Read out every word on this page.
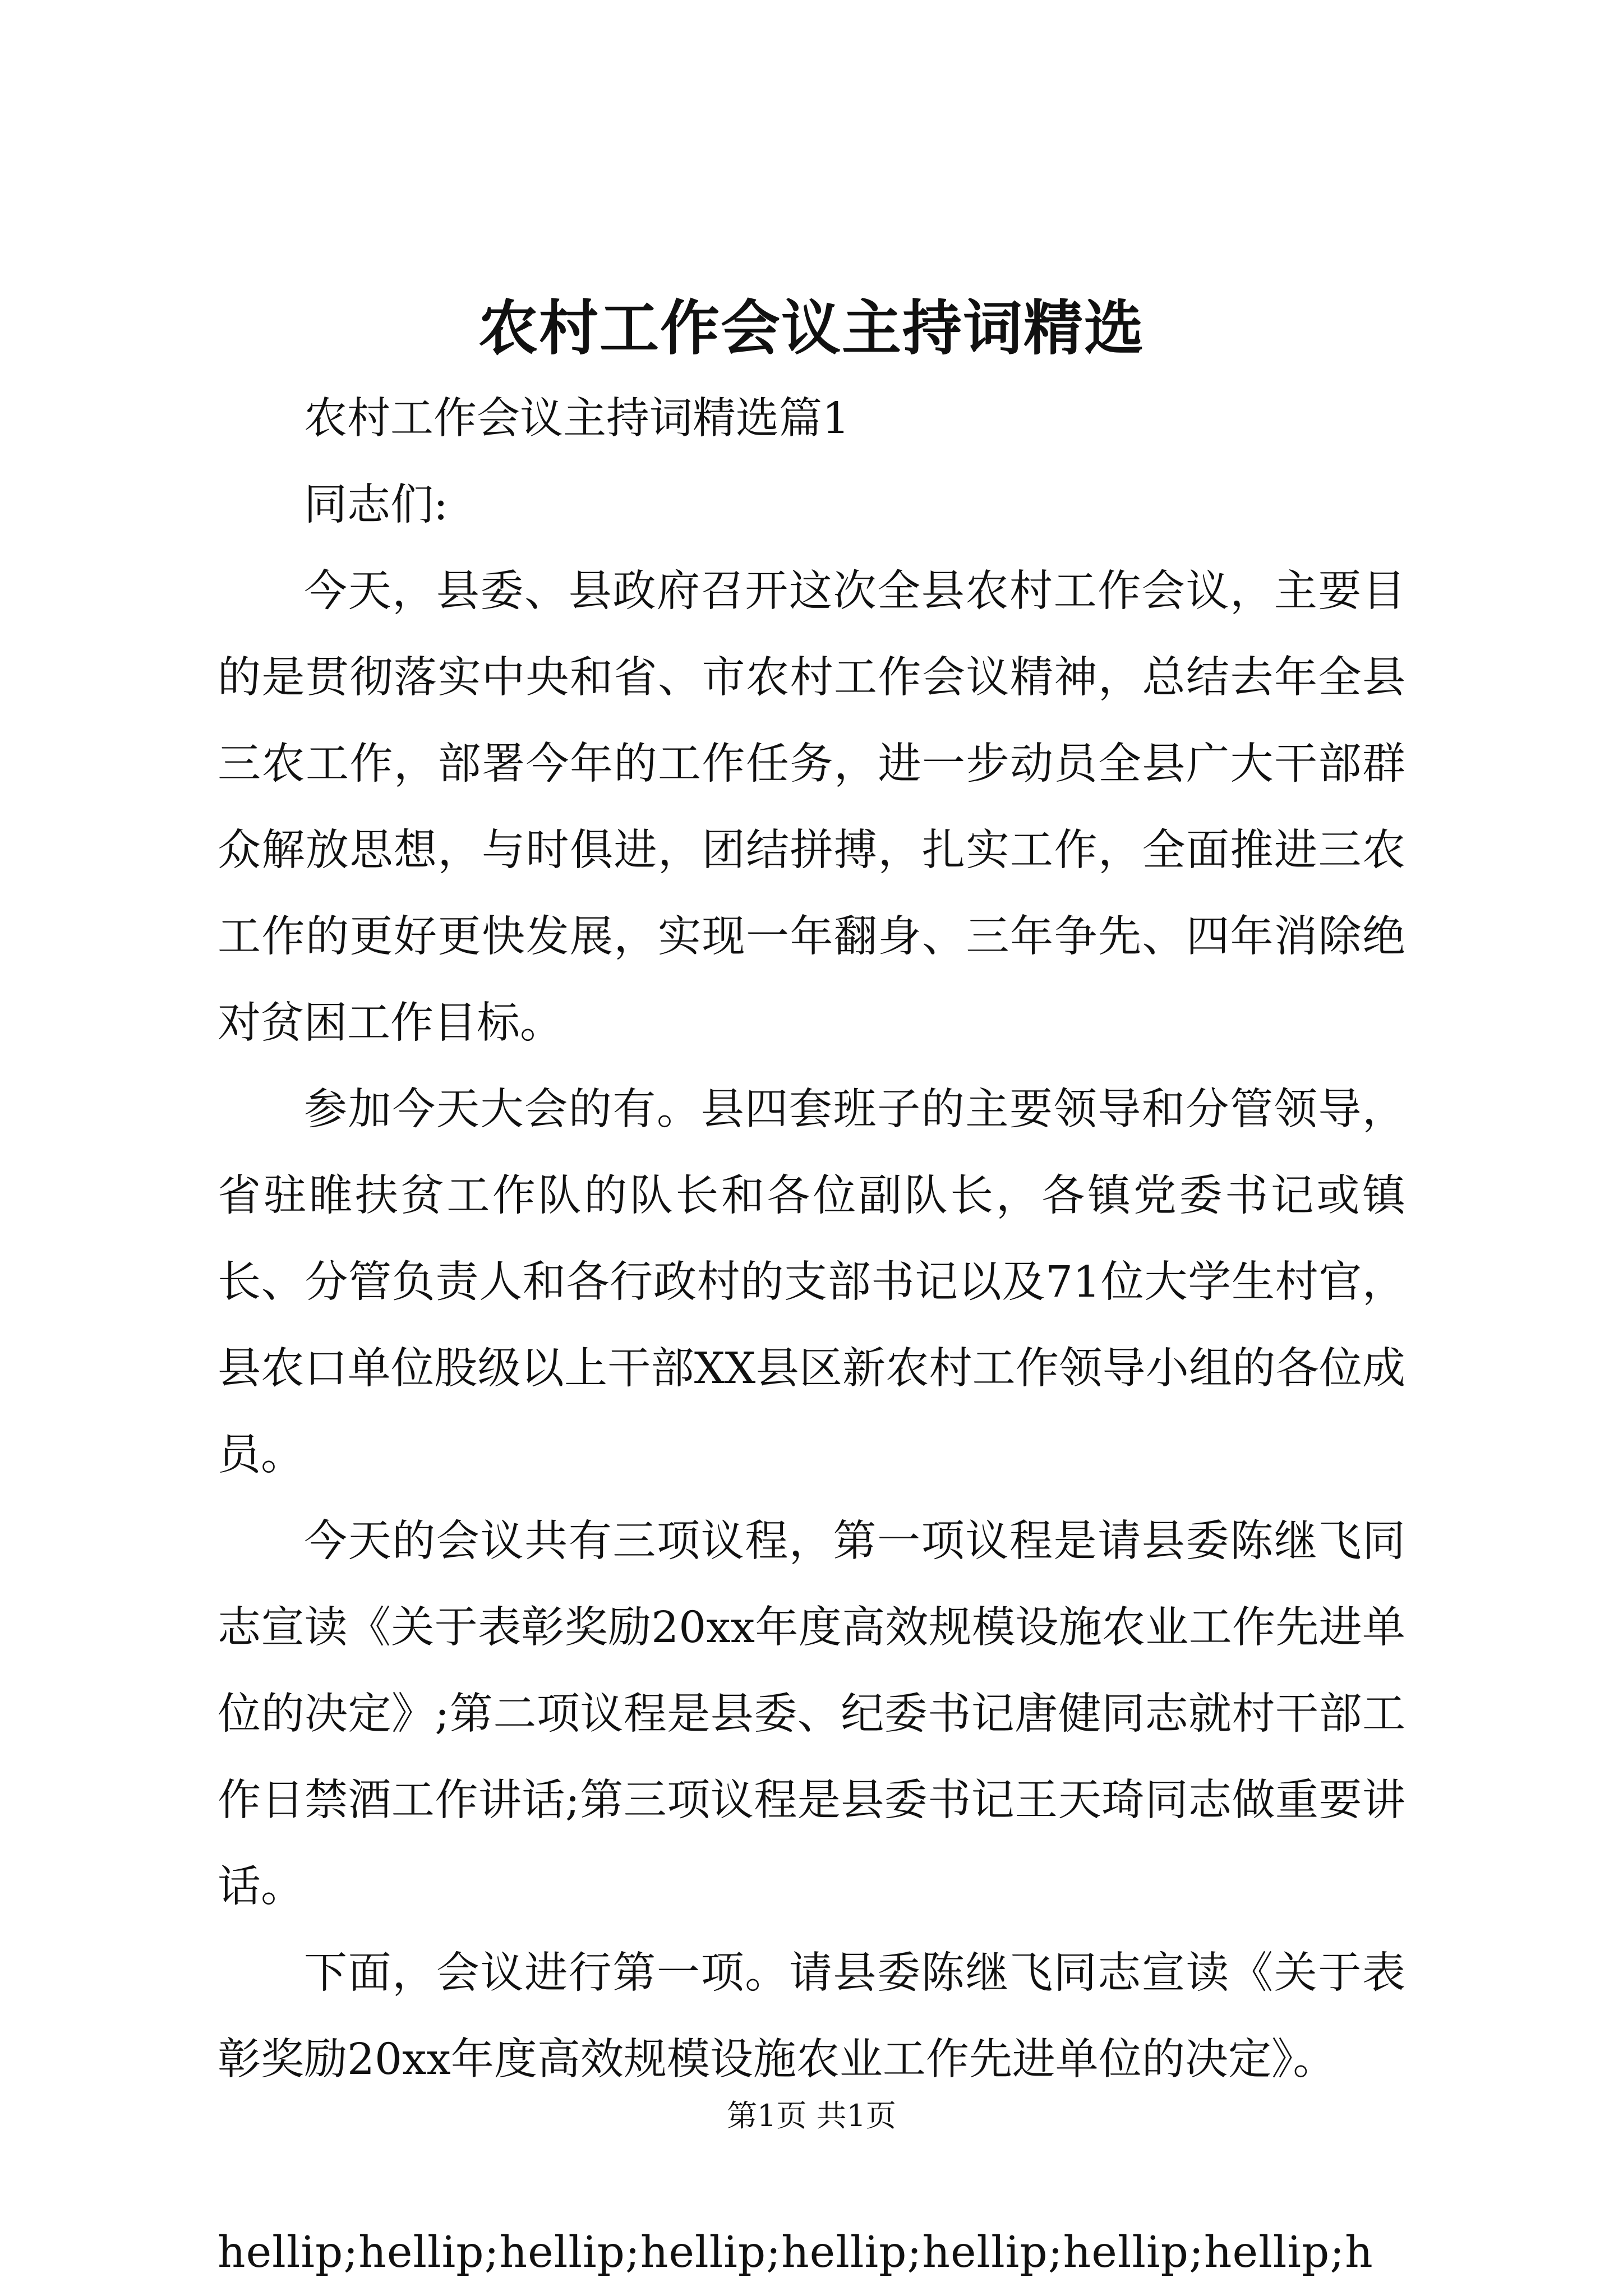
农村工作会议主持词精选

农村工作会议主持词精选篇1

同志们:

今天，县委、县政府召开这次全县农村工作会议，主要目的是贯彻落实中央和省、市农村工作会议精神，总结去年全县三农工作，部署今年的工作任务，进一步动员全县广大干部群众解放思想，与时俱进，团结拼搏，扎实工作，全面推进三农工作的更好更快发展，实现一年翻身、三年争先、四年消除绝对贫困工作目标。

参加今天大会的有。县四套班子的主要领导和分管领导，省驻睢扶贫工作队的队长和各位副队长，各镇党委书记或镇长、分管负责人和各行政村的支部书记以及71位大学生村官，县农口单位股级以上干部XX县区新农村工作领导小组的各位成员。

今天的会议共有三项议程，第一项议程是请县委陈继飞同志宣读《关于表彰奖励20xx年度高效规模设施农业工作先进单位的决定》;第二项议程是县委、纪委书记唐健同志就村干部工作日禁酒工作讲话;第三项议程是县委书记王天琦同志做重要讲话。

下面，会议进行第一项。请县委陈继飞同志宣读《关于表彰奖励20xx年度高效规模设施农业工作先进单位的决定》。

hellip;hellip;hellip;hellip;hellip;hellip;hellip;hellip;h

第1页 共1页
